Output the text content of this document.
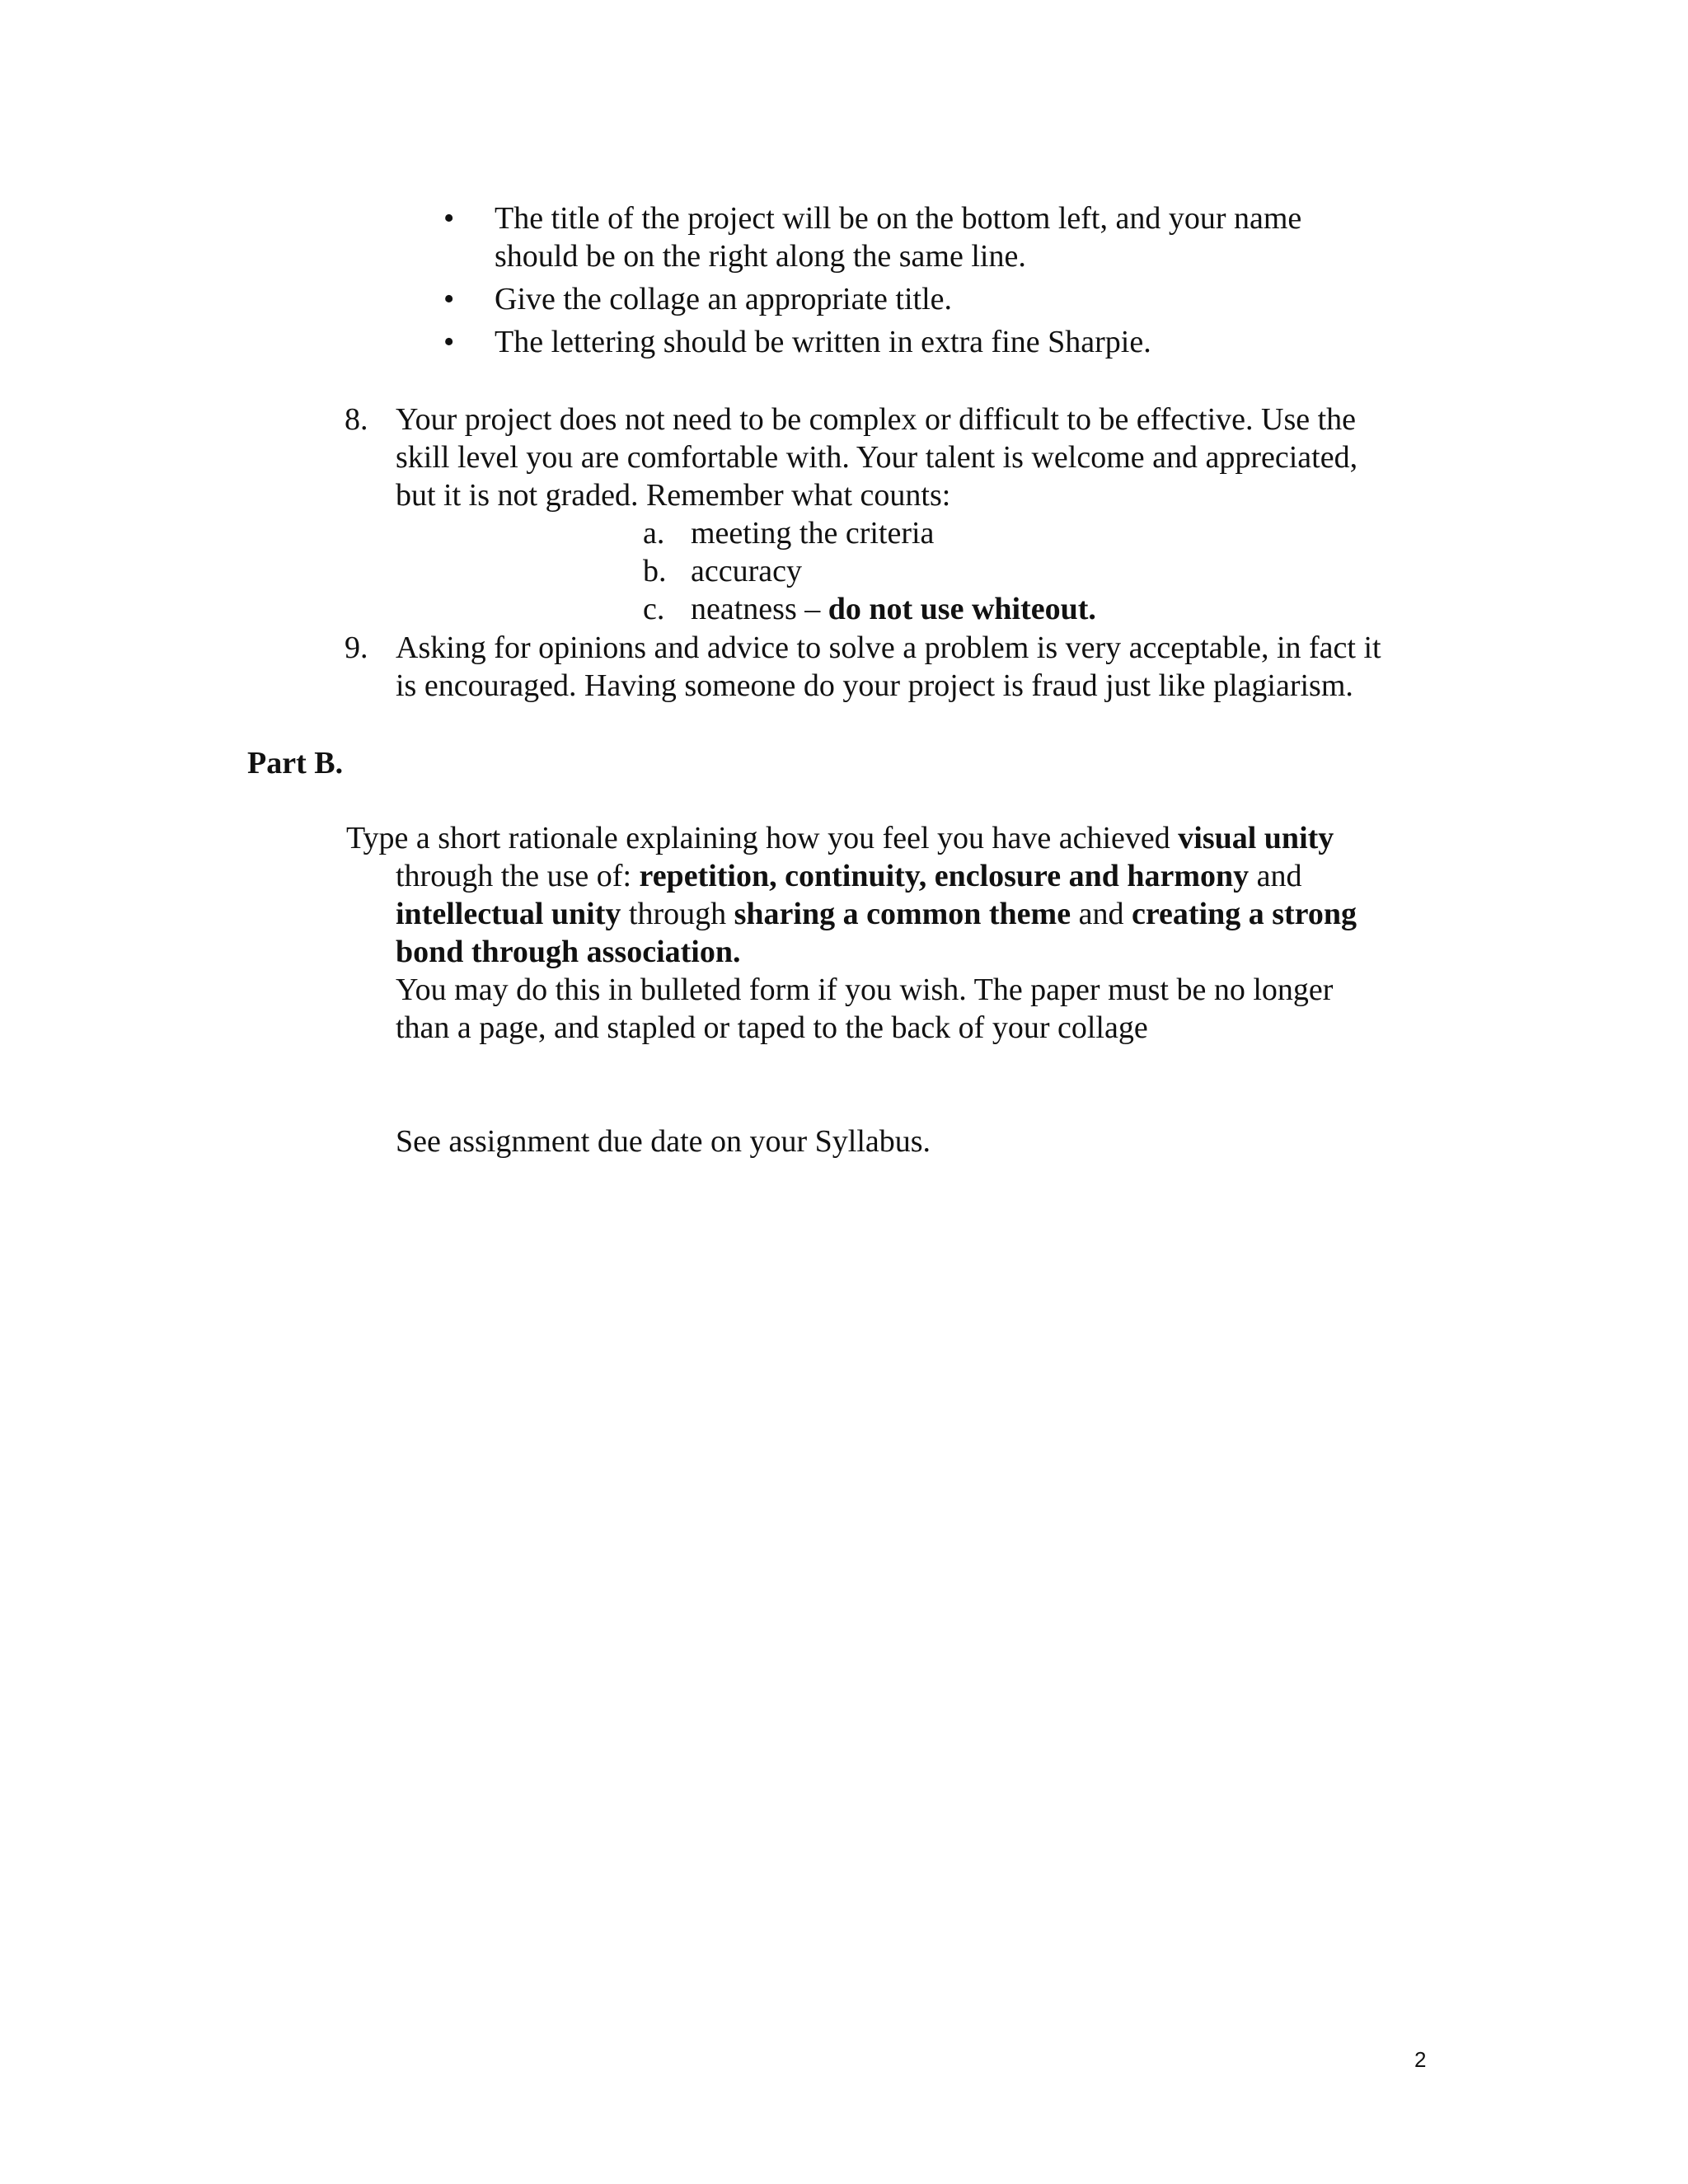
• The title of the project will be on the bottom left, and your name
should be on the right along the same line.
• Give the collage an appropriate title.
• The lettering should be written in extra fine Sharpie.
8. Your project does not need to be complex or difficult to be effective. Use the
skill level you are comfortable with. Your talent is welcome and appreciated,
but it is not graded. Remember what counts:
a. meeting the criteria
b. accuracy
c. neatness – do not use whiteout.
9. Asking for opinions and advice to solve a problem is very acceptable, in fact it
is encouraged. Having someone do your project is fraud just like plagiarism.
Part B.
Type a short rationale explaining how you feel you have achieved visual unity
through the use of: repetition, continuity, enclosure and harmony and
intellectual unity through sharing a common theme and creating a strong
bond through association.
You may do this in bulleted form if you wish. The paper must be no longer
than a page, and stapled or taped to the back of your collage
See assignment due date on your Syllabus.
2
